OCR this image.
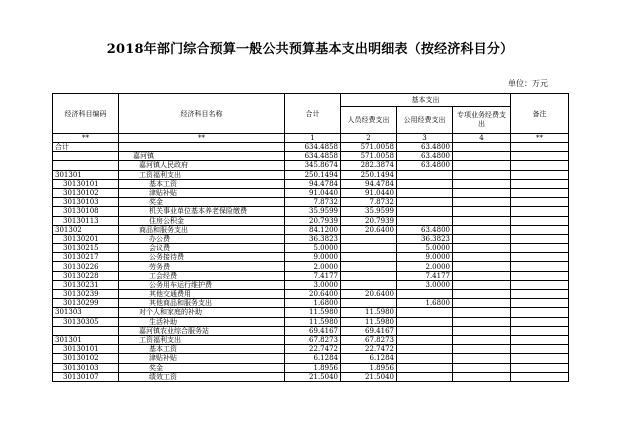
2018年部门综合预算一般公共预算基本支出明细表（按经济科目分）
单位：万元
经济科目编码	经济科目名称	合计	基本支出			备注
			人员经费支出	公用经费支出	专项业务经费支出	
**	**	1	2	3	4	**
合计		634.4858	571.0058	63.4800		
	嘉河镇	634.4858	571.0058	63.4800		
	嘉河镇人民政府	345.8674	282.3874	63.4800		
301301	工资福利支出	250.1494	250.1494			
30130101	基本工资	94.4784	94.4784			
30130102	津贴补贴	91.0440	91.0440			
30130103	奖金	7.8732	7.8732			
30130108	机关事业单位基本养老保险缴费	35.9599	35.9599			
30130113	住房公积金	20.7939	20.7939			
301302	商品和服务支出	84.1200	20.6400	63.4800		
30130201	办公费	36.3823		36.3823		
30130215	会议费	5.0000		5.0000		
30130217	公务接待费	9.0000		9.0000		
30130226	劳务费	2.0000		2.0000		
30130228	工会经费	7.4177		7.4177		
30130231	公务用车运行维护费	3.0000		3.0000		
30130239	其他交通费用	20.6400	20.6400			
30130299	其他商品和服务支出	1.6800		1.6800		
301303	对个人和家庭的补助	11.5980	11.5980			
30130305	生活补助	11.5980	11.5980			
	嘉河镇农业综合服务站	69.4167	69.4167			
301301	工资福利支出	67.8273	67.8273			
30130101	基本工资	22.7472	22.7472			
30130102	津贴补贴	6.1284	6.1284			
30130103	奖金	1.8956	1.8956			
30130107	绩效工资	21.5040	21.5040			
